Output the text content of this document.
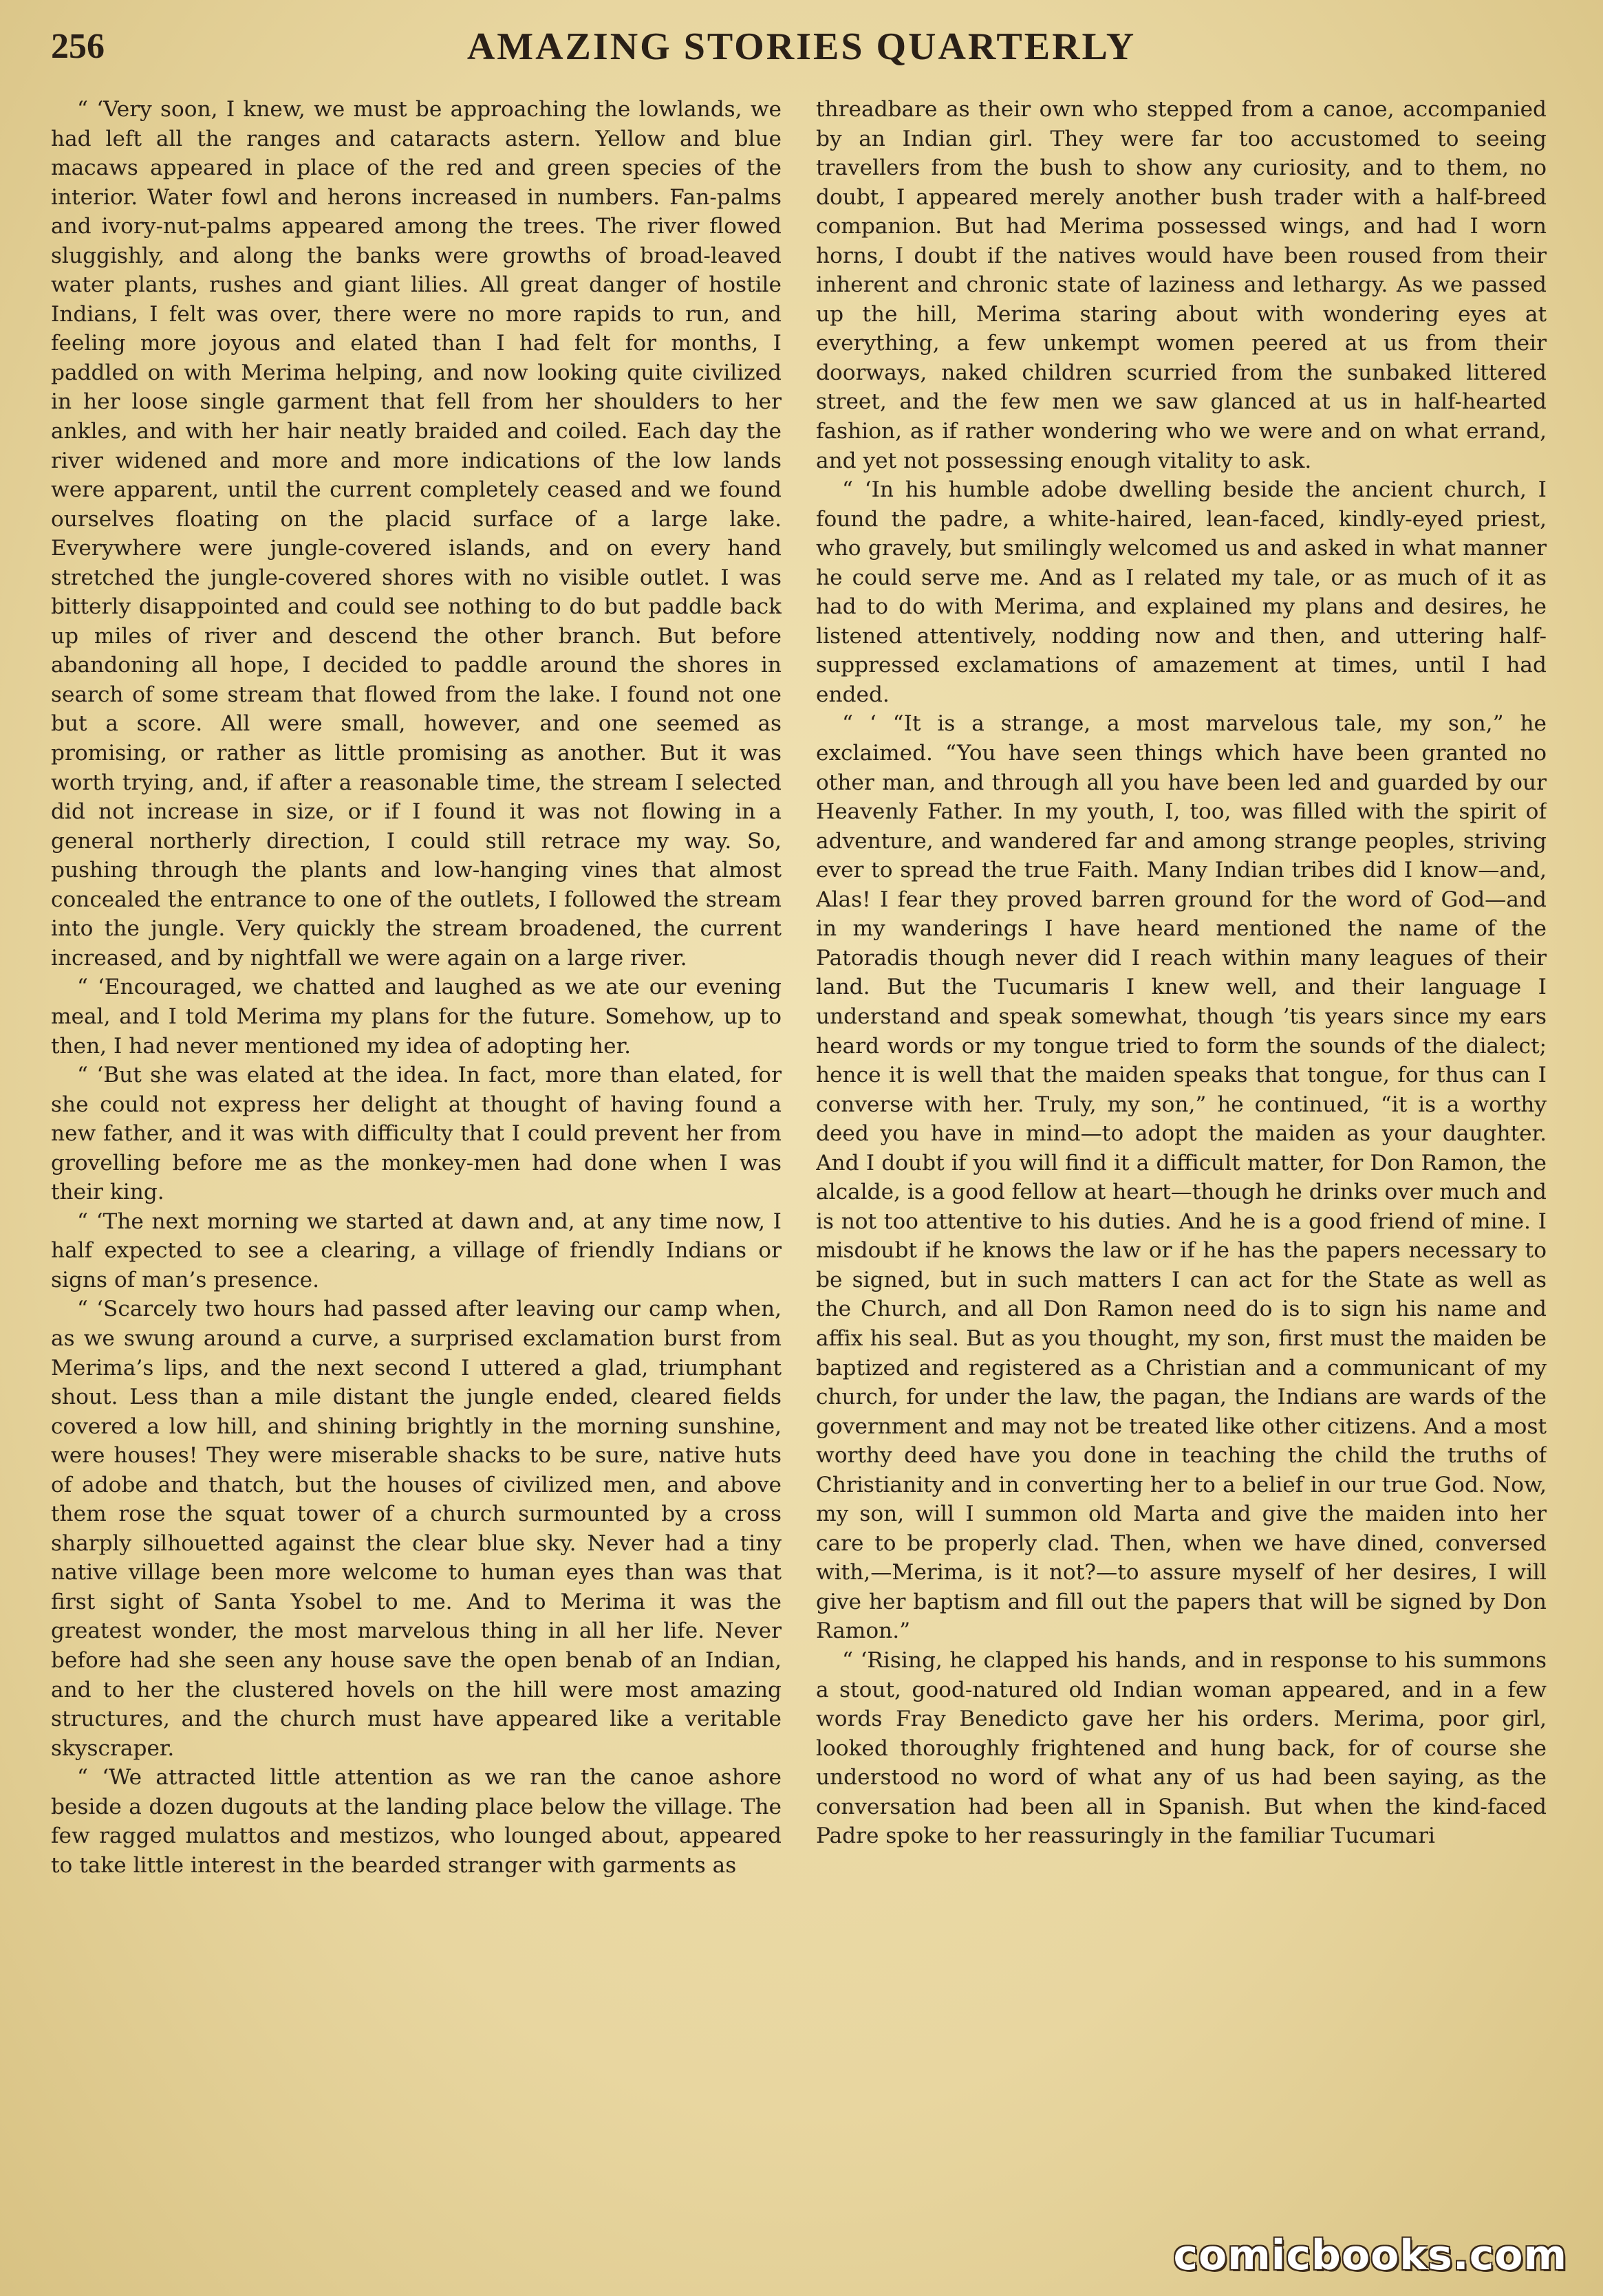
256	AMAZING STORIES QUARTERLY

“ ‘Very soon, I knew, we must be approaching the lowlands, we had left all the ranges and cataracts astern. Yellow and blue macaws appeared in place of the red and green species of the interior. Water fowl and herons increased in numbers. Fan-palms and ivory-nut-palms appeared among the trees. The river flowed sluggishly, and along the banks were growths of broad-leaved water plants, rushes and giant lilies. All great danger of hostile Indians, I felt was over, there were no more rapids to run, and feeling more joyous and elated than I had felt for months, I paddled on with Merima helping, and now looking quite civilized in her loose single garment that fell from her shoulders to her ankles, and with her hair neatly braided and coiled. Each day the river widened and more and more indications of the low lands were apparent, until the current completely ceased and we found ourselves floating on the placid surface of a large lake. Everywhere were jungle-covered islands, and on every hand stretched the jungle-covered shores with no visible outlet. I was bitterly disappointed and could see nothing to do but paddle back up miles of river and descend the other branch. But before abandoning all hope, I decided to paddle around the shores in search of some stream that flowed from the lake. I found not one but a score. All were small, however, and one seemed as promising, or rather as little promising as another. But it was worth trying, and, if after a reasonable time, the stream I selected did not increase in size, or if I found it was not flowing in a general northerly direction, I could still retrace my way. So, pushing through the plants and low-hanging vines that almost concealed the entrance to one of the outlets, I followed the stream into the jungle. Very quickly the stream broadened, the current increased, and by nightfall we were again on a large river.

“ ‘Encouraged, we chatted and laughed as we ate our evening meal, and I told Merima my plans for the future. Somehow, up to then, I had never mentioned my idea of adopting her.

“ ‘But she was elated at the idea. In fact, more than elated, for she could not express her delight at thought of having found a new father, and it was with difficulty that I could prevent her from grovelling before me as the monkey-men had done when I was their king.

“ ‘The next morning we started at dawn and, at any time now, I half expected to see a clearing, a village of friendly Indians or signs of man’s presence.

“ ‘Scarcely two hours had passed after leaving our camp when, as we swung around a curve, a surprised exclamation burst from Merima’s lips, and the next second I uttered a glad, triumphant shout. Less than a mile distant the jungle ended, cleared fields covered a low hill, and shining brightly in the morning sunshine, were houses! They were miserable shacks to be sure, native huts of adobe and thatch, but the houses of civilized men, and above them rose the squat tower of a church surmounted by a cross sharply silhouetted against the clear blue sky. Never had a tiny native village been more welcome to human eyes than was that first sight of Santa Ysobel to me. And to Merima it was the greatest wonder, the most marvelous thing in all her life. Never before had she seen any house save the open benab of an Indian, and to her the clustered hovels on the hill were most amazing structures, and the church must have appeared like a veritable skyscraper.

“ ‘We attracted little attention as we ran the canoe ashore beside a dozen dugouts at the landing place below the village. The few ragged mulattos and mestizos, who lounged about, appeared to take little interest in the bearded stranger with garments as

threadbare as their own who stepped from a canoe, accompanied by an Indian girl. They were far too accustomed to seeing travellers from the bush to show any curiosity, and to them, no doubt, I appeared merely another bush trader with a half-breed companion. But had Merima possessed wings, and had I worn horns, I doubt if the natives would have been roused from their inherent and chronic state of laziness and lethargy. As we passed up the hill, Merima staring about with wondering eyes at everything, a few unkempt women peered at us from their doorways, naked children scurried from the sunbaked littered street, and the few men we saw glanced at us in half-hearted fashion, as if rather wondering who we were and on what errand, and yet not possessing enough vitality to ask.

“ ‘In his humble adobe dwelling beside the ancient church, I found the padre, a white-haired, lean-faced, kindly-eyed priest, who gravely, but smilingly welcomed us and asked in what manner he could serve me. And as I related my tale, or as much of it as had to do with Merima, and explained my plans and desires, he listened attentively, nodding now and then, and uttering half-suppressed exclamations of amazement at times, until I had ended.

“ ‘ “It is a strange, a most marvelous tale, my son,” he exclaimed. “You have seen things which have been granted no other man, and through all you have been led and guarded by our Heavenly Father. In my youth, I, too, was filled with the spirit of adventure, and wandered far and among strange peoples, striving ever to spread the true Faith. Many Indian tribes did I know—and, Alas! I fear they proved barren ground for the word of God—and in my wanderings I have heard mentioned the name of the Patoradis though never did I reach within many leagues of their land. But the Tucumaris I knew well, and their language I understand and speak somewhat, though ’tis years since my ears heard words or my tongue tried to form the sounds of the dialect; hence it is well that the maiden speaks that tongue, for thus can I converse with her. Truly, my son,” he continued, “it is a worthy deed you have in mind—to adopt the maiden as your daughter. And I doubt if you will find it a difficult matter, for Don Ramon, the alcalde, is a good fellow at heart—though he drinks over much and is not too attentive to his duties. And he is a good friend of mine. I misdoubt if he knows the law or if he has the papers necessary to be signed, but in such matters I can act for the State as well as the Church, and all Don Ramon need do is to sign his name and affix his seal. But as you thought, my son, first must the maiden be baptized and registered as a Christian and a communicant of my church, for under the law, the pagan, the Indians are wards of the government and may not be treated like other citizens. And a most worthy deed have you done in teaching the child the truths of Christianity and in converting her to a belief in our true God. Now, my son, will I summon old Marta and give the maiden into her care to be properly clad. Then, when we have dined, conversed with,—Merima, is it not?—to assure myself of her desires, I will give her baptism and fill out the papers that will be signed by Don Ramon.”

“ ‘Rising, he clapped his hands, and in response to his summons a stout, good-natured old Indian woman appeared, and in a few words Fray Benedicto gave her his orders. Merima, poor girl, looked thoroughly frightened and hung back, for of course she understood no word of what any of us had been saying, as the conversation had been all in Spanish. But when the kind-faced Padre spoke to her reassuringly in the familiar Tucumari

comicbooks.com
